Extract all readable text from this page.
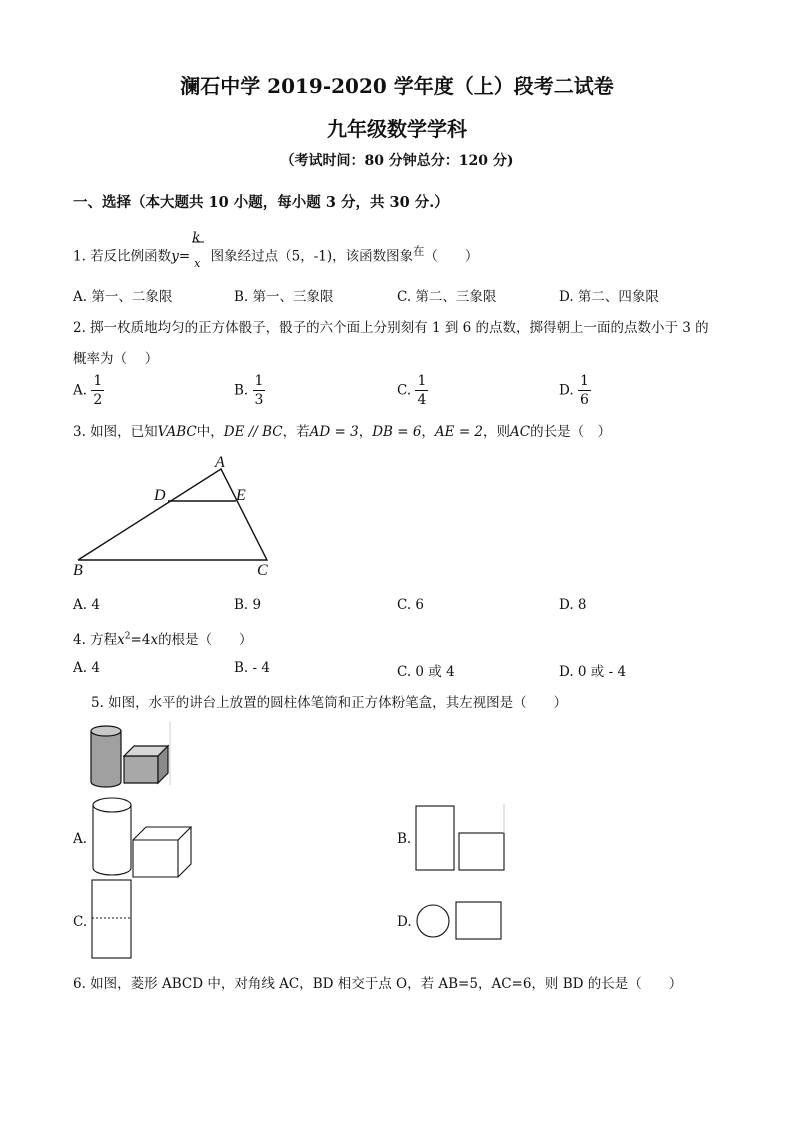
澜石中学 2019-2020 学年度（上）段考二试卷
九年级数学学科
（考试时间：80 分钟总分：120 分)
一、选择（本大题共 10 小题，每小题 3 分，共 30 分.）
1. 若反比例函数y=
k
x 图象经过点（5，-1)，该函数图象$^在$（　　）
A. 第一、二象限	B. 第一、三象限	C. 第二、三象限	D. 第二、四象限
2. 掷一枚质地均匀的正方体骰子，骰子的六个面上分别刻有 1 到 6 的点数，掷得朝上一面的点数小于 3 的
概率为（　 ）
A. $\frac{1}{2}$	B. $\frac{1}{3}$	C. $\frac{1}{4}$	D. $\frac{1}{6}$
3. 如图，已知VABC中，DE // BC，若AD = 3，DB = 6，AE = 2，则AC的长是（　）
A
D	E
B	C
A. 4	B. 9	C. 6	D. 8
4. 方程$x^2=4x$的根是（　　）
A. 4	B. - 4	C. 0 或 4	D. 0 或 - 4
5. 如图，水平的讲台上放置的圆柱体笔筒和正方体粉笔盒，其左视图是（　　）
A.	B.
C.	D.
6. 如图，菱形 ABCD 中，对角线 AC，BD 相交于点 O，若 AB=5，AC=6，则 BD 的长是（　　）
